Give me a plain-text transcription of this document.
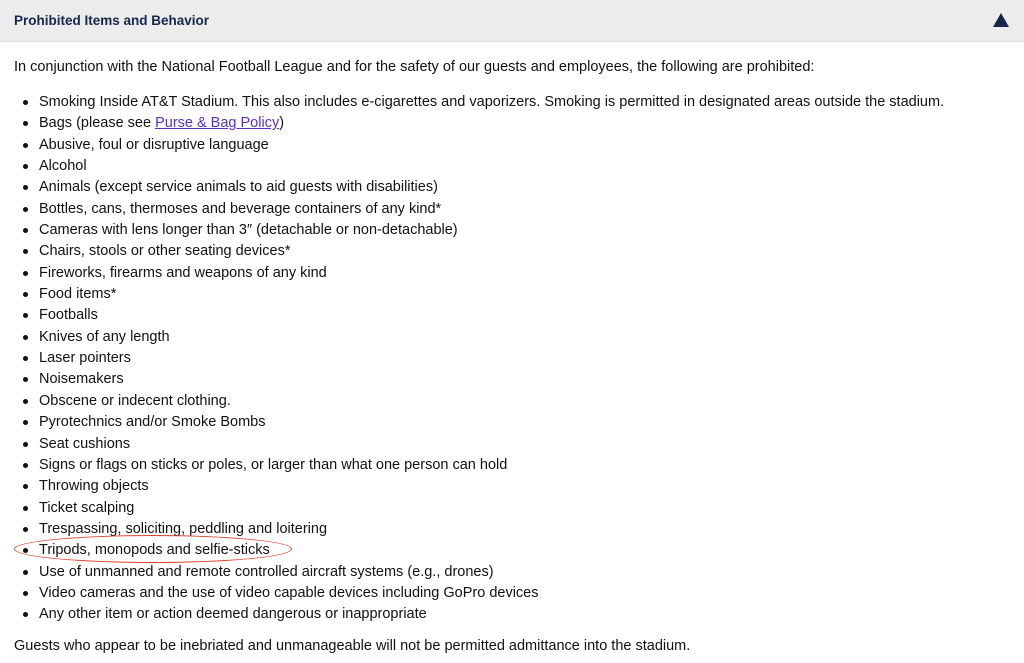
Prohibited Items and Behavior
In conjunction with the National Football League and for the safety of our guests and employees, the following are prohibited:
Smoking Inside AT&T Stadium. This also includes e-cigarettes and vaporizers. Smoking is permitted in designated areas outside the stadium.
Bags (please see Purse & Bag Policy)
Abusive, foul or disruptive language
Alcohol
Animals (except service animals to aid guests with disabilities)
Bottles, cans, thermoses and beverage containers of any kind*
Cameras with lens longer than 3″ (detachable or non-detachable)
Chairs, stools or other seating devices*
Fireworks, firearms and weapons of any kind
Food items*
Footballs
Knives of any length
Laser pointers
Noisemakers
Obscene or indecent clothing.
Pyrotechnics and/or Smoke Bombs
Seat cushions
Signs or flags on sticks or poles, or larger than what one person can hold
Throwing objects
Ticket scalping
Trespassing, soliciting, peddling and loitering
Tripods, monopods and selfie-sticks
Use of unmanned and remote controlled aircraft systems (e.g., drones)
Video cameras and the use of video capable devices including GoPro devices
Any other item or action deemed dangerous or inappropriate
Guests who appear to be inebriated and unmanageable will not be permitted admittance into the stadium.
